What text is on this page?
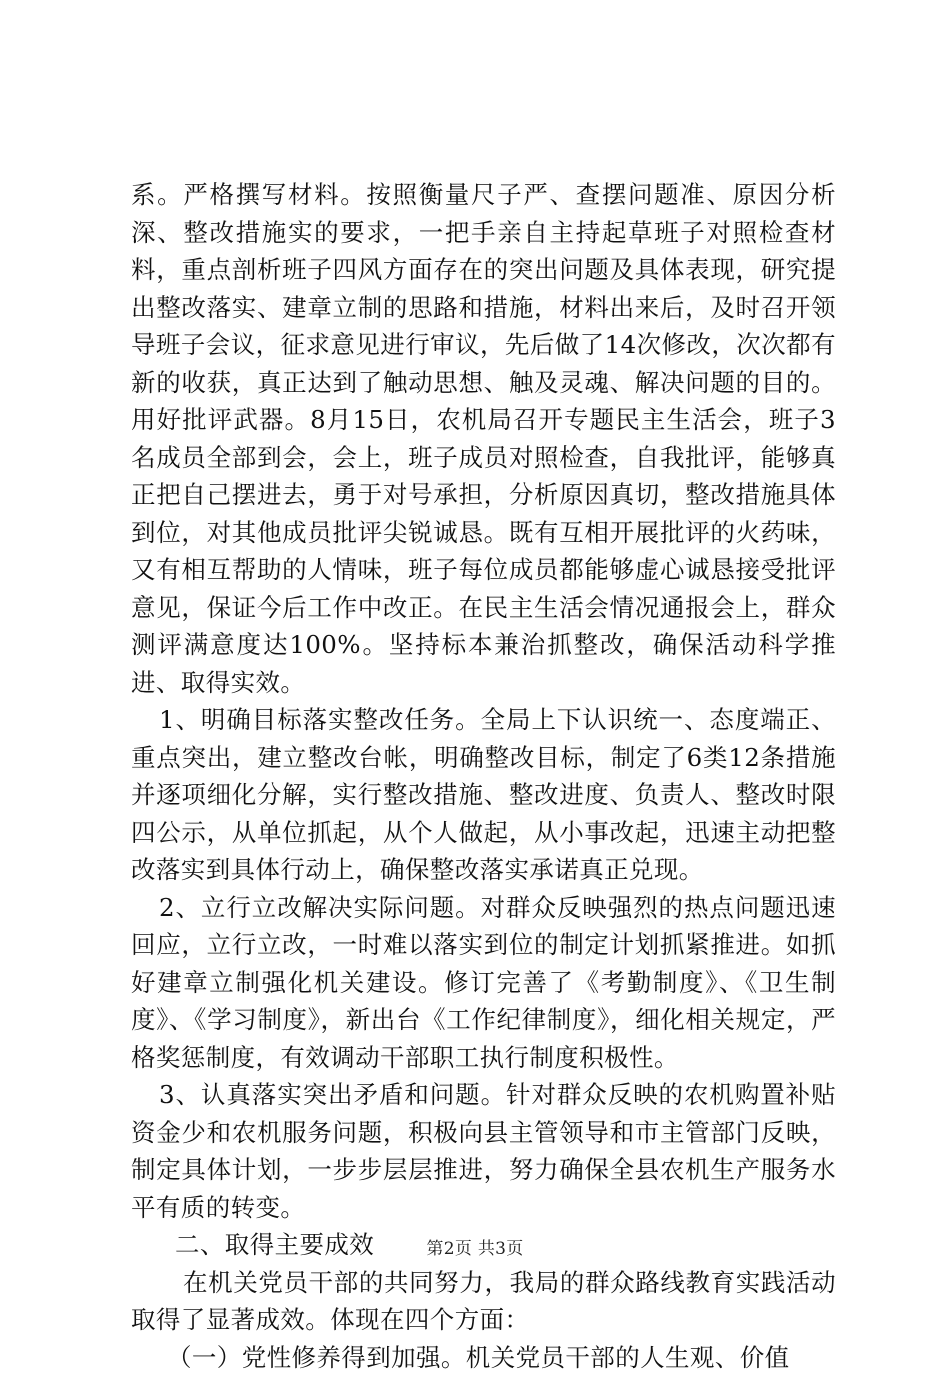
系。严格撰写材料。按照衡量尺子严、查摆问题准、原因分析深、整改措施实的要求，一把手亲自主持起草班子对照检查材料，重点剖析班子四风方面存在的突出问题及具体表现，研究提出整改落实、建章立制的思路和措施，材料出来后，及时召开领导班子会议，征求意见进行审议，先后做了14次修改，次次都有新的收获，真正达到了触动思想、触及灵魂、解决问题的目的。用好批评武器。8月15日，农机局召开专题民主生活会，班子3名成员全部到会，会上，班子成员对照检查，自我批评，能够真正把自己摆进去，勇于对号承担，分析原因真切，整改措施具体到位，对其他成员批评尖锐诚恳。既有互相开展批评的火药味，又有相互帮助的人情味，班子每位成员都能够虚心诚恳接受批评意见，保证今后工作中改正。在民主生活会情况通报会上，群众测评满意度达100%。坚持标本兼治抓整改，确保活动科学推进、取得实效。

1、明确目标落实整改任务。全局上下认识统一、态度端正、重点突出，建立整改台帐，明确整改目标，制定了6类12条措施并逐项细化分解，实行整改措施、整改进度、负责人、整改时限四公示，从单位抓起，从个人做起，从小事改起，迅速主动把整改落实到具体行动上，确保整改落实承诺真正兑现。

2、立行立改解决实际问题。对群众反映强烈的热点问题迅速回应，立行立改，一时难以落实到位的制定计划抓紧推进。如抓好建章立制强化机关建设。修订完善了《考勤制度》、《卫生制度》、《学习制度》，新出台《工作纪律制度》，细化相关规定，严格奖惩制度，有效调动干部职工执行制度积极性。

3、认真落实突出矛盾和问题。针对群众反映的农机购置补贴资金少和农机服务问题，积极向县主管领导和市主管部门反映，制定具体计划，一步步层层推进，努力确保全县农机生产服务水平有质的转变。

二、取得主要成效

在机关党员干部的共同努力，我局的群众路线教育实践活动取得了显著成效。体现在四个方面：

（一）党性修养得到加强。机关党员干部的人生观、价值

第2页 共3页
